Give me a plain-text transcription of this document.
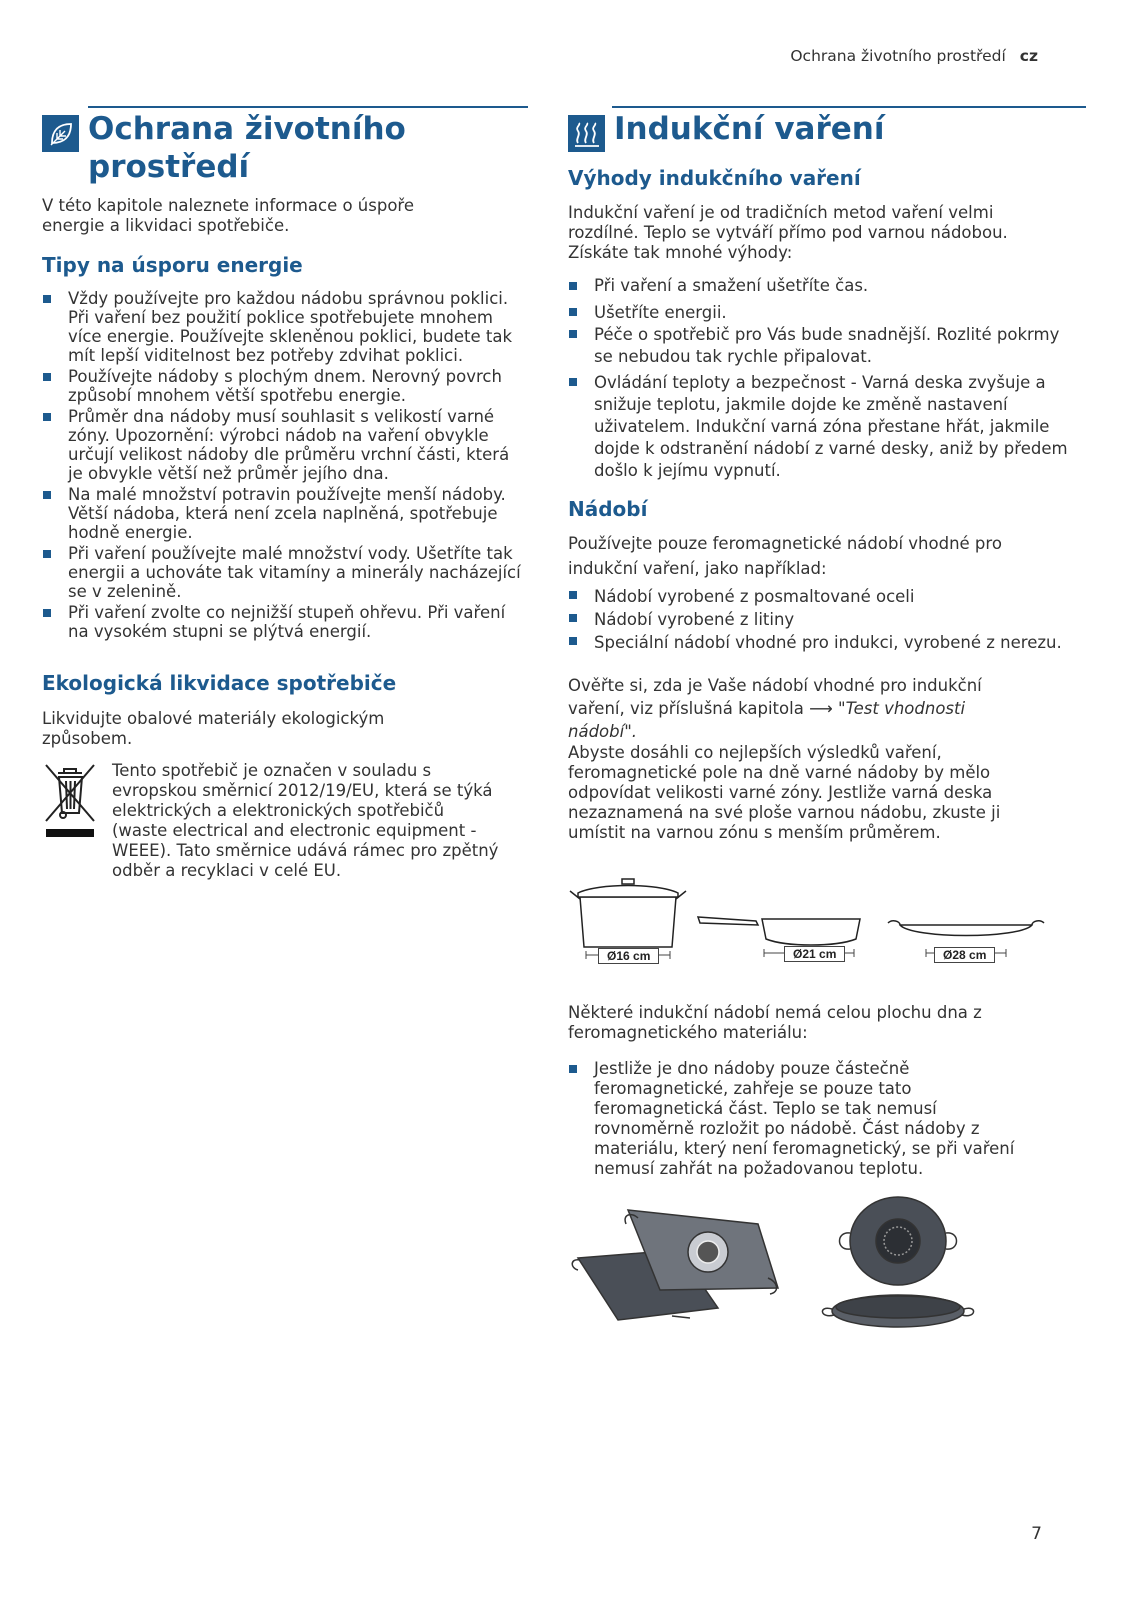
Ochrana životního prostředí cz
Ochrana životního prostředí

V této kapitole naleznete informace o úspoře energie a likvidaci spotřebiče.

Tipy na úsporu energie
Vždy používejte pro každou nádobu správnou poklici. Při vaření bez použití poklice spotřebujete mnohem více energie. Používejte skleněnou poklici, budete tak mít lepší viditelnost bez potřeby zdvihat poklici.
Používejte nádoby s plochým dnem. Nerovný povrch způsobí mnohem větší spotřebu energie.
Průměr dna nádoby musí souhlasit s velikostí varné zóny. Upozornění: výrobci nádob na vaření obvykle určují velikost nádoby dle průměru vrchní části, která je obvykle větší než průměr jejího dna.
Na malé množství potravin používejte menší nádoby. Větší nádoba, která není zcela naplněná, spotřebuje hodně energie.
Při vaření používejte malé množství vody. Ušetříte tak energii a uchováte tak vitamíny a minerály nacházející se v zelenině.
Při vaření zvolte co nejnižší stupeň ohřevu. Při vaření na vysokém stupni se plýtvá energií.
Ekologická likvidace spotřebiče

Likvidujte obalové materiály ekologickým způsobem.

Tento spotřebič je označen v souladu s evropskou směrnicí 2012/19/EU, která se týká elektrických a elektronických spotřebičů (waste electrical and electronic equipment - WEEE). Tato směrnice udává rámec pro zpětný odběr a recyklaci v celé EU.

Indukční vaření
Výhody indukčního vaření

Indukční vaření je od tradičních metod vaření velmi rozdílné. Teplo se vytváří přímo pod varnou nádobou. Získáte tak mnohé výhody:

Při vaření a smažení ušetříte čas.
Ušetříte energii.
Péče o spotřebič pro Vás bude snadnější. Rozlité pokrmy se nebudou tak rychle připalovat.
Ovládání teploty a bezpečnost - Varná deska zvyšuje a snižuje teplotu, jakmile dojde ke změně nastavení uživatelem. Indukční varná zóna přestane hřát, jakmile dojde k odstranění nádobí z varné desky, aniž by předem došlo k jejímu vypnutí.
Nádobí

Používejte pouze feromagnetické nádobí vhodné pro indukční vaření, jako například:

Nádobí vyrobené z posmaltované oceli
Nádobí vyrobené z litiny
Speciální nádobí vhodné pro indukci, vyrobené z nerezu.

Ověřte si, zda je Vaše nádobí vhodné pro indukční vaření, viz příslušná kapitola ⟶ "Test vhodnosti nádobí".

Abyste dosáhli co nejlepších výsledků vaření, feromagnetické pole na dně varné nádoby by mělo odpovídat velikosti varné zóny. Jestliže varná deska nezaznamená na své ploše varnou nádobu, zkuste ji umístit na varnou zónu s menším průměrem.

Ø16 cm	Ø21 cm	Ø28 cm

Některé indukční nádobí nemá celou plochu dna z feromagnetického materiálu:

Jestliže je dno nádoby pouze částečně feromagnetické, zahřeje se pouze tato feromagnetická část. Teplo se tak nemusí rovnoměrně rozložit po nádobě. Část nádoby z materiálu, který není feromagnetický, se při vaření nemusí zahřát na požadovanou teplotu.
7
